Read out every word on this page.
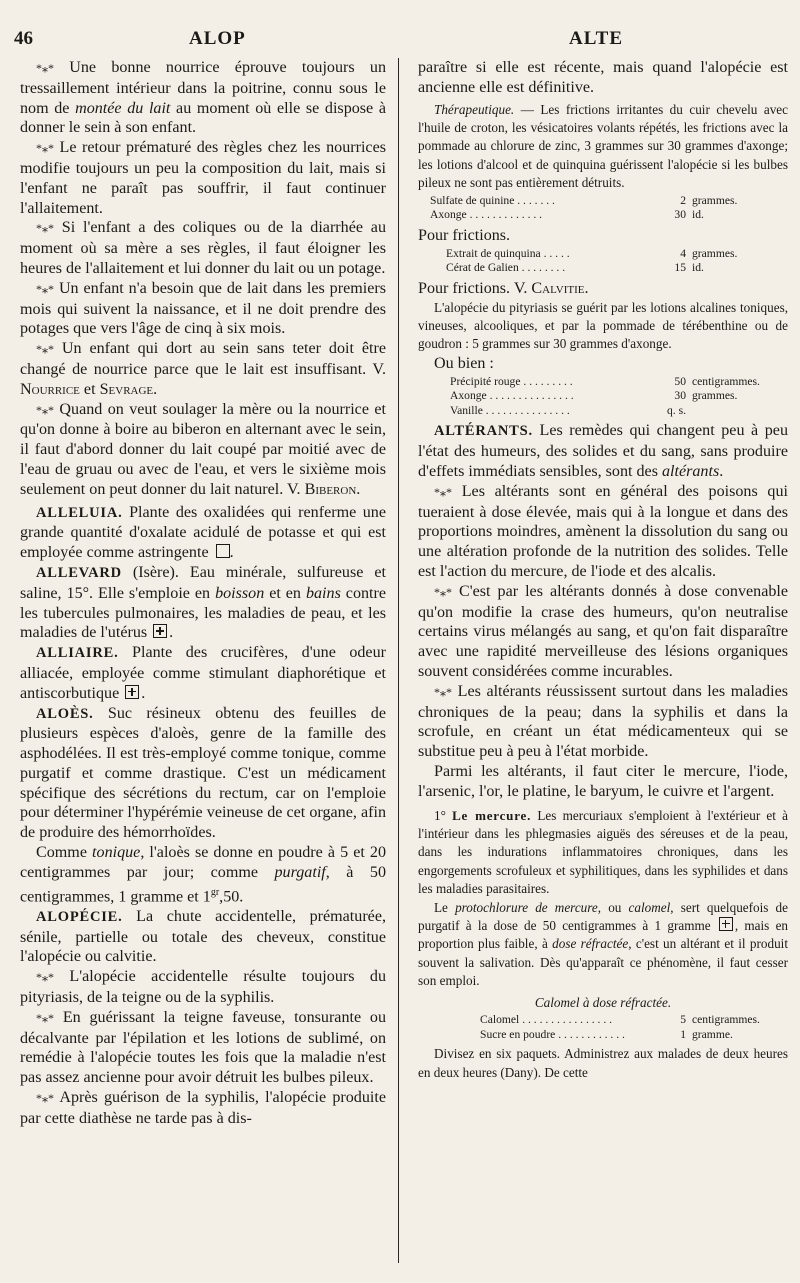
46	ALOP	ALTE

*⁎* Une bonne nourrice éprouve toujours un tressaillement intérieur dans la poitrine, connu sous le nom de montée du lait au moment où elle se dispose à donner le sein à son enfant.

*⁎* Le retour prématuré des règles chez les nourrices modifie toujours un peu la composition du lait, mais si l'enfant ne paraît pas souffrir, il faut continuer l'allaitement.

*⁎* Si l'enfant a des coliques ou de la diarrhée au moment où sa mère a ses règles, il faut éloigner les heures de l'allaitement et lui donner du lait ou un potage.

*⁎* Un enfant n'a besoin que de lait dans les premiers mois qui suivent la naissance, et il ne doit prendre des potages que vers l'âge de cinq à six mois.

*⁎* Un enfant qui dort au sein sans teter doit être changé de nourrice parce que le lait est insuffisant. V. Nourrice et Sevrage.

*⁎* Quand on veut soulager la mère ou la nourrice et qu'on donne à boire au biberon en alternant avec le sein, il faut d'abord donner du lait coupé par moitié avec de l'eau de gruau ou avec de l'eau, et vers le sixième mois seulement on peut donner du lait naturel. V. Biberon.

ALLELUIA. Plante des oxalidées qui renferme une grande quantité d'oxalate acidulé de potasse et qui est employée comme astringente .

ALLEVARD (Isère). Eau minérale, sulfureuse et saline, 15°. Elle s'emploie en boisson et en bains contre les tubercules pulmonaires, les maladies de peau, et les maladies de l'utérus .

ALLIAIRE. Plante des crucifères, d'une odeur alliacée, employée comme stimulant diaphorétique et antiscorbutique .

ALOÈS. Suc résineux obtenu des feuilles de plusieurs espèces d'aloès, genre de la famille des asphodélées. Il est très-employé comme tonique, comme purgatif et comme drastique. C'est un médicament spécifique des sécrétions du rectum, car on l'emploie pour déterminer l'hypérémie veineuse de cet organe, afin de produire des hémorrhoïdes.

Comme tonique, l'aloès se donne en poudre à 5 et 20 centigrammes par jour; comme purgatif, à 50 centigrammes, 1 gramme et $1^{gr},50$.

ALOPÉCIE. La chute accidentelle, prématurée, sénile, partielle ou totale des cheveux, constitue l'alopécie ou calvitie.

*⁎* L'alopécie accidentelle résulte toujours du pityriasis, de la teigne ou de la syphilis.

*⁎* En guérissant la teigne faveuse, tonsurante ou décalvante par l'épilation et les lotions de sublimé, on remédie à l'alopécie toutes les fois que la maladie n'est pas assez ancienne pour avoir détruit les bulbes pileux.

*⁎* Après guérison de la syphilis, l'alopécie produite par cette diathèse ne tarde pas à dis-

paraître si elle est récente, mais quand l'alopécie est ancienne elle est définitive.

Thérapeutique. — Les frictions irritantes du cuir chevelu avec l'huile de croton, les vésicatoires volants répétés, les frictions avec la pommade au chlorure de zinc, 3 grammes sur 30 grammes d'axonge; les lotions d'alcool et de quinquina guérissent l'alopécie si les bulbes pileux ne sont pas entièrement détruits.

Sulfate de quinine . . . . . . .	2	grammes.
Axonge . . . . . . . . . . . . .	30	id.

Pour frictions.

Extrait de quinquina . . . . .	4	grammes.
Cérat de Galien . . . . . . . .	15	id.

Pour frictions. V. Calvitie.

L'alopécie du pityriasis se guérit par les lotions alcalines toniques, vineuses, alcooliques, et par la pommade de térébenthine ou de goudron : 5 grammes sur 30 grammes d'axonge.

Ou bien :

Précipité rouge . . . . . . . . .	50	centigrammes.
Axonge . . . . . . . . . . . . . . .	30	grammes.
Vanille . . . . . . . . . . . . . . .	q. s.	

ALTÉRANTS. Les remèdes qui changent peu à peu l'état des humeurs, des solides et du sang, sans produire d'effets immédiats sensibles, sont des altérants.

*⁎* Les altérants sont en général des poisons qui tueraient à dose élevée, mais qui à la longue et dans des proportions moindres, amènent la dissolution du sang ou une altération profonde de la nutrition des solides. Telle est l'action du mercure, de l'iode et des alcalis.

*⁎* C'est par les altérants donnés à dose convenable qu'on modifie la crase des humeurs, qu'on neutralise certains virus mélangés au sang, et qu'on fait disparaître avec une rapidité merveilleuse des lésions organiques souvent considérées comme incurables.

*⁎* Les altérants réussissent surtout dans les maladies chroniques de la peau; dans la syphilis et dans la scrofule, en créant un état médicamenteux qui se substitue peu à peu à l'état morbide.

Parmi les altérants, il faut citer le mercure, l'iode, l'arsenic, l'or, le platine, le baryum, le cuivre et l'argent.

1° Le mercure. Les mercuriaux s'emploient à l'extérieur et à l'intérieur dans les phlegmasies aiguës des séreuses et de la peau, dans les indurations inflammatoires chroniques, dans les engorgements scrofuleux et syphilitiques, dans les syphilides et dans les maladies parasitaires.

Le protochlorure de mercure, ou calomel, sert quelquefois de purgatif à la dose de 50 centigrammes à 1 gramme , mais en proportion plus faible, à dose réfractée, c'est un altérant et il produit souvent la salivation. Dès qu'apparaît ce phénomène, il faut cesser son emploi.

Calomel à dose réfractée.

Calomel . . . . . . . . . . . . . . . .	5	centigrammes.
Sucre en poudre . . . . . . . . . . . .	1	gramme.

Divisez en six paquets. Administrez aux malades de deux heures en deux heures (Dany). De cette
